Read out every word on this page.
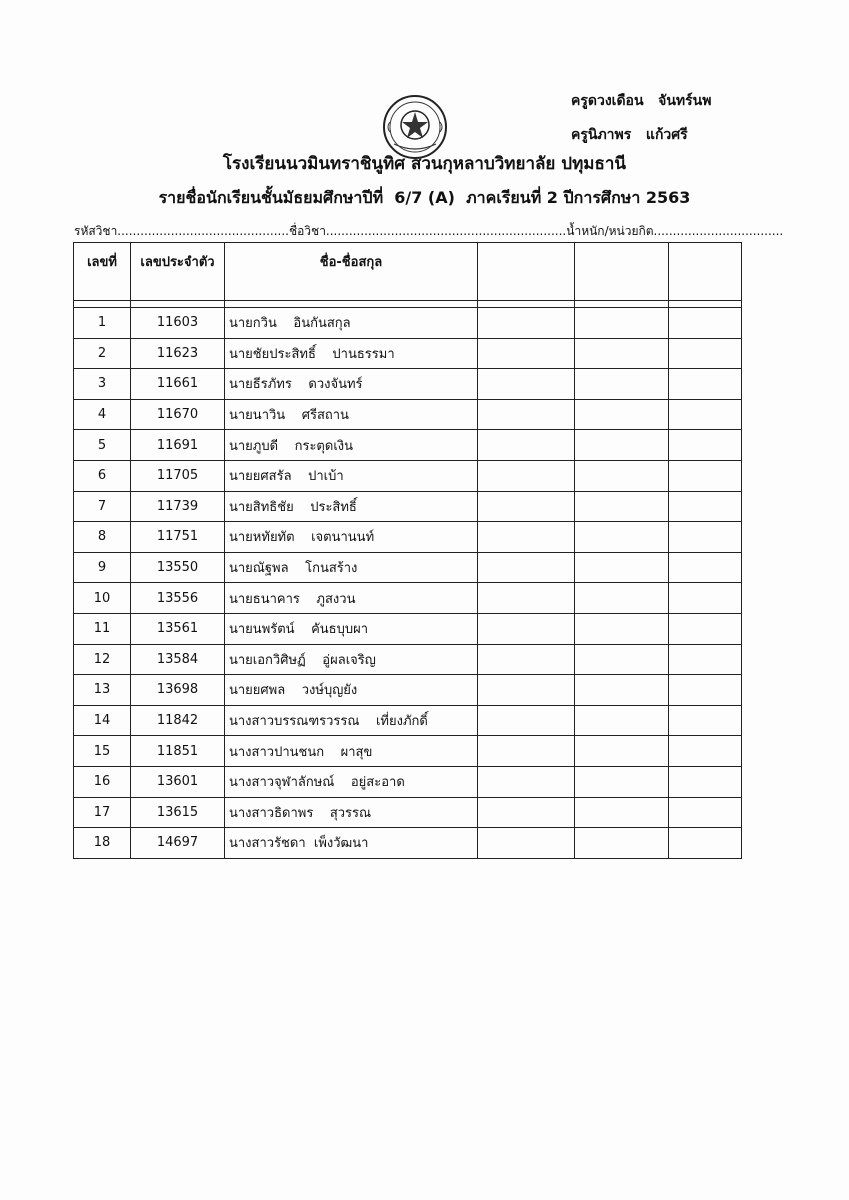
ครูดวงเดือน   จันทร์นพ
ครูนิภาพร   แก้วศรี
โรงเรียนนวมินทราชินูทิศ สวนกุหลาบวิทยาลัย ปทุมธานี
รายชื่อนักเรียนชั้นมัธยมศึกษาปีที่  6/7 (A)  ภาคเรียนที่ 2 ปีการศึกษา 2563
รหัสวิชา.............................................ชื่อวิชา...............................................................น้ำหนัก/หน่วยกิต..................................
เลขที่	เลขประจำตัว	ชื่อ-ชื่อสกุล			

1	11603	นายกวิน    อินกันสกุล			
2	11623	นายชัยประสิทธิ์    ปานธรรมา			
3	11661	นายธีรภัทร    ดวงจันทร์			
4	11670	นายนาวิน    ศรีสถาน			
5	11691	นายภูบดี    กระตุดเงิน			
6	11705	นายยศสรัล    ปาเบ้า			
7	11739	นายสิทธิชัย    ประสิทธิ์			
8	11751	นายหทัยทัต    เจตนานนท์			
9	13550	นายณัฐพล    โกนสร้าง			
10	13556	นายธนาคาร    ภูสงวน			
11	13561	นายนพรัตน์    คันธบุบผา			
12	13584	นายเอกวิศิษฏ์    อู่ผลเจริญ			
13	13698	นายยศพล    วงษ์บุญยัง			
14	11842	นางสาวบรรณฑรวรรณ    เที่ยงภักดิ์			
15	11851	นางสาวปานชนก    ผาสุข			
16	13601	นางสาวจุฬาลักษณ์    อยู่สะอาด			
17	13615	นางสาวธิดาพร    สุวรรณ			
18	14697	นางสาวรัชดา  เพ็งวัฒนา			
